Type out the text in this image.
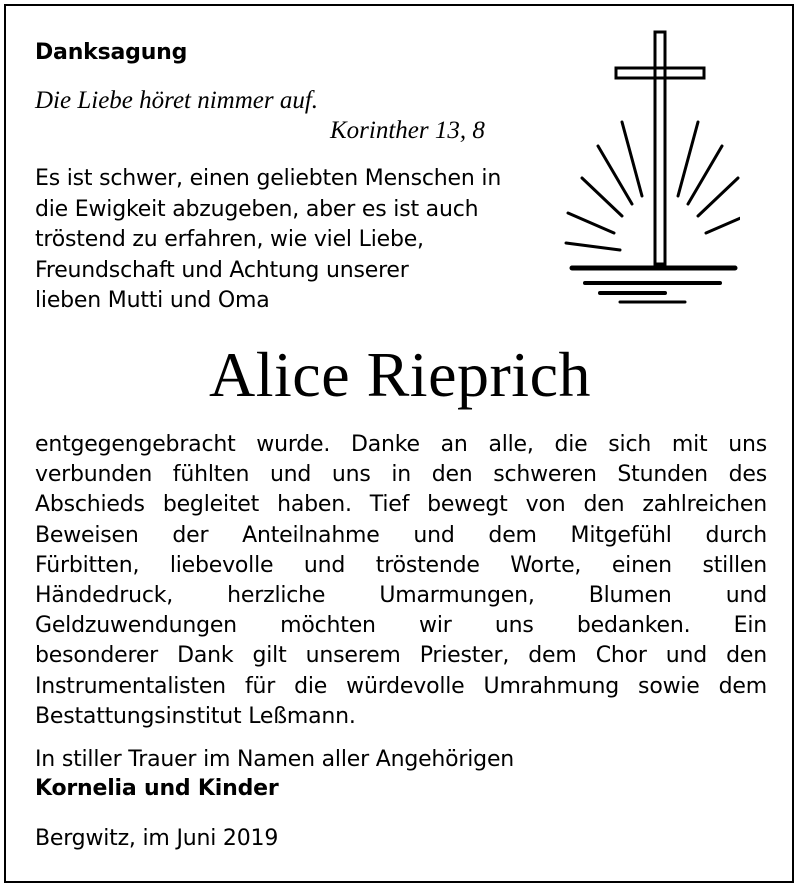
Danksagung
Die Liebe höret nimmer auf.
Korinther 13, 8
Es ist schwer, einen geliebten Menschen in
die Ewigkeit abzugeben, aber es ist auch
tröstend zu erfahren, wie viel Liebe,
Freundschaft und Achtung unserer
lieben Mutti und Oma
Alice Rieprich
entgegengebracht wurde. Danke an alle, die sich mit uns
verbunden fühlten und uns in den schweren Stunden des
Abschieds begleitet haben. Tief bewegt von den zahlreichen
Beweisen der Anteilnahme und dem Mitgefühl durch
Fürbitten, liebevolle und tröstende Worte, einen stillen
Händedruck, herzliche Umarmungen, Blumen und
Geldzuwendungen möchten wir uns bedanken. Ein
besonderer Dank gilt unserem Priester, dem Chor und den
Instrumentalisten für die würdevolle Umrahmung sowie dem
Bestattungsinstitut Leßmann.
In stiller Trauer im Namen aller Angehörigen
Kornelia und Kinder
Bergwitz, im Juni 2019
